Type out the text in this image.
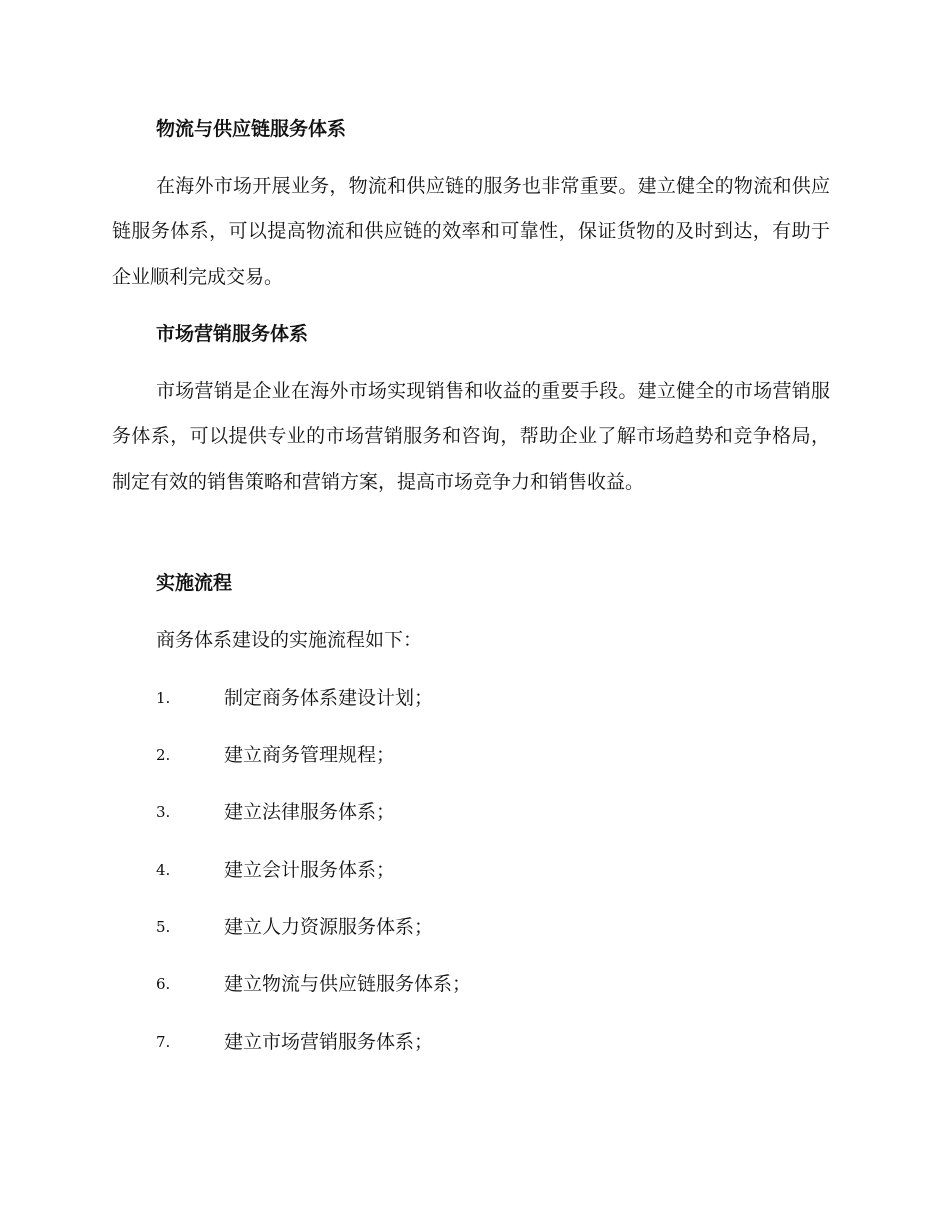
物流与供应链服务体系
在海外市场开展业务，物流和供应链的服务也非常重要。建立健全的物流和供应链服务体系，可以提高物流和供应链的效率和可靠性，保证货物的及时到达，有助于企业顺利完成交易。
市场营销服务体系
市场营销是企业在海外市场实现销售和收益的重要手段。建立健全的市场营销服务体系，可以提供专业的市场营销服务和咨询，帮助企业了解市场趋势和竞争格局，制定有效的销售策略和营销方案，提高市场竞争力和销售收益。
实施流程
商务体系建设的实施流程如下：
1.	制定商务体系建设计划；
2.	建立商务管理规程；
3.	建立法律服务体系；
4.	建立会计服务体系；
5.	建立人力资源服务体系；
6.	建立物流与供应链服务体系；
7.	建立市场营销服务体系；
